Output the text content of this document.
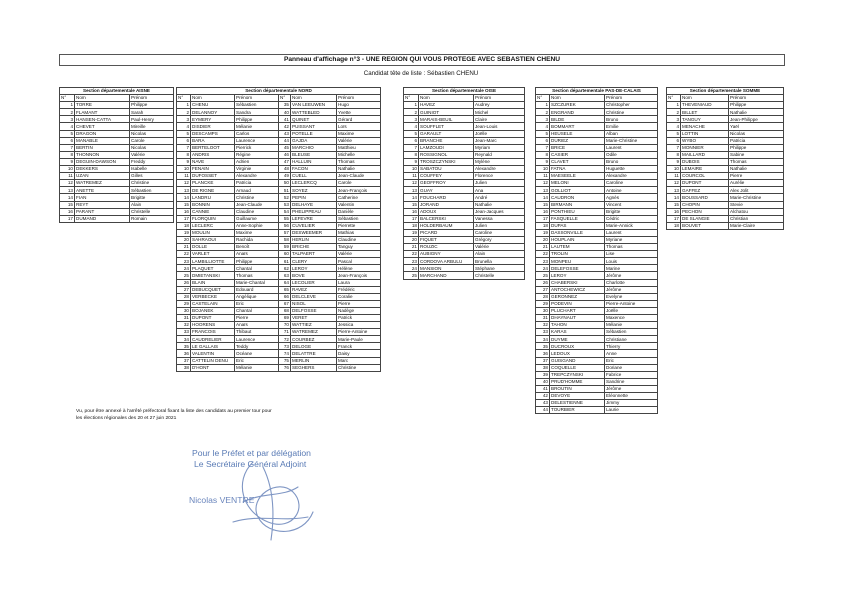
Panneau d'affichage n°3 - UNE REGION QUI VOUS PROTEGE AVEC SEBASTIEN CHENU
Candidat tête de liste : Sébastien CHENU
Section départementale AISNE		
N°	Nom	Prénom
1	TORRE	Philippe
2	FLAMANT	Sarah
3	HANSEN-CATTA	Paul-Henry
4	CHEVET	Mireille
5	DRAGON	Nicolas
6	MANABLE	Carole
7	BERTIN	Nicolas
8	THONNON	Valérie
9	DEGUIN-DAWSON	Freddy
10	DEKKERS	Isabelle
11	UZAN	Gilles
12	WATREMEZ	Christine
13	ANETTE	Sébastien
14	FIAN	Brigitte
15	REYT	Alain
16	PARANT	Christelle
17	DUMAND	Romain
Section départementale NORD					
N°	Nom	Prénom	N°	Nom	Prénom
1	CHENU	Sébastien	35	VAN LEEUWEN	Hugo
2	DELANNOY	Sandra	40	WATTEBLED	Yvette
3	EYMERY	Philippe	41	QUINET	Gérard
4	DISDIER	Mélanie	42	PUISSANT	Loïs
5	DESCAMPS	Carlos	43	POTELLE	Maxime
6	BARA	Laurence	44	GAJDA	Valérie
7	BERTELOOT	Pierrick	45	MARCHIO	Matthieu
8	ANDRIS	Régine	46	BLEUSE	Michelle
9	NAVE	Adrien	47	HALLUIN	Thomas
10	FENAIN	Virginie	48	FACON	Nathalie
11	DUFOSSET	Alexandre	49	CUELL	Jean-Claude
12	PLANCKE	Patricia	50	LECLERCQ	Carole
13	DE RIGNE	Arnaud	51	SOYEZ	Jean-François
14	LANDRU	Christine	52	PEPIN	Catherine
15	BONNIN	Jean-Claude	53	DELHAYE	Valentin
16	CANNIE	Claudine	54	PHELIPPEAU	Danièle
17	FLORQUIN	Guillaume	55	LEFEVRE	Sébastien
18	LECLERC	Anne-Sophie	56	CUVELIER	Pierrette
19	MOULIN	Maxime	57	DESWEEMER	Mathias
20	SAHRAOUI	Rachida	58	HERLIN	Claudine
21	DOLLE	Benoît	59	BRICHE	Tanguy
22	VARLET	Anaïs	60	TALPAERT	Valérie
23	LAMBILLIOTTE	Philippe	61	CLERY	Pascal
24	PLAQUET	Chantal	62	LEROY	Hélène
25	DMIETANSKI	Thomas	63	BOVE	Jean-François
26	BLAIN	Marie-Chantal	64	LECOLIER	Laura
27	DEBUCQUET	Edouard	65	RAVEZ	Frédéric
28	VERBECKE	Angélique	66	DELCLEVE	Coralie
29	CASTELAIN	Eric	67	NISOL	Pierre
30	BOJANEK	Chantal	68	DELFOSSE	Nadège
31	DUPONT	Pierre	69	VERET	Patrick
32	HOORENS	Anaïs	70	WATTIEZ	Jessica
33	FRANCOIS	Thibaut	71	WATREMEZ	Pierre-Antoine
34	CAUDRELIER	Laurence	72	COURBEZ	Marie-Paule
35	LE GALLAIS	Teddy	73	DELOGE	Franck
36	VALENTIN	Océane	74	DELATTRE	Daisy
37	CATTELIN DENU	Eric	75	MERLIN	Marc
38	D'HONT	Mélanie	76	SEGHERS	Christine
Section départementale OISE		
N°	Nom	Prénom
1	HAVEZ	Audrey
2	GUINIOT	Michel
3	MARAIS-BEUIL	Claire
4	SOUFFLET	Jean-Louis
5	GARAULT	Joëlle
6	BRANCHE	Jean-Marc
7	LAMZOUDI	Myriam
8	ROSSIGNOL	Reynald
9	TROSZCZYNSKI	Mylène
10	SABATOU	Alexandre
11	COUFFEY	Florence
12	GEOFFROY	Julien
13	GUAY	Ana
14	FOUCHARD	André
15	JORAND	Nathalie
16	ADOUX	Jean-Jacques
17	BALCERSKI	Vanessa
18	HOLDERBAUM	Julien
19	PICARD	Caroline
20	FIQUET	Grégory
21	ROUZIC	Valérie
22	AUBIGNY	Alain
23	CORDOVA ARBULU	Brunella
24	MANSION	Stéphane
25	MARCHAND	Christelle
Section départementale PAS-DE-CALAIS		
N°	Nom	Prénom
1	SZCZUREK	Christopher
2	ENGRAND	Christine
3	BILDE	Bruno
4	BOMMART	Emilie
5	HEUSELE	Alban
6	DURIEZ	Marie-Christine
7	BRICE	Laurent
8	CASIER	Odile
9	CLAVET	Bruno
10	FATNA	Huguette
11	MAESEELE	Alexandre
12	MELONI	Caroline
13	GOLLIOT	Antoine
14	CAUDRON	Agnès
15	BIRMANN	Vincent
16	PONTHIEU	Brigitte
17	FASQUELLE	Cédric
18	DUPAS	Marie-Annick
19	DASSONVILLE	Laurent
20	HOUPLAIN	Myriane
21	LAUTEM	Thomas
22	TROLIN	Lise
23	MONPEU	Louis
24	DELEFOSSE	Marine
25	LEROY	Jérôme
26	CHABERSKI	Charlotte
27	ANTOCHEWICZ	Jérôme
28	GERONNEZ	Evelyne
29	PODEVIN	Pierre-Antoine
30	PLUCHART	Joëlle
31	DHAYNAUT	Maxence
32	TAHON	Mélanie
33	KARAS	Sébastien
34	DUYME	Christiane
35	DUCROUX	Thierry
36	LEDOUX	Anne
37	GUISGAND	Eric
38	COQUELLE	Doriane
39	TREPCZYNSKI	Fabrice
40	PRUD'HOMME	Sandrine
41	BROUTIN	Jérôme
42	DEVOYE	Eléonnette
43	DELESTIENNE	Jimmy
44	TOURBIER	Laurie
Section départementale SOMME		
N°	Nom	Prénom
1	THEVENIAUD	Philippe
2	BILLET	Nathalie
3	TANGUY	Jean-Philippe
4	MENACHE	Yaël
5	LOTTIN	Nicolas
6	WYBO	Patricia
7	MONNIER	Philippe
8	MAILLARD	Sabine
9	DUBOIS	Thomas
10	LEMAIRE	Nathalie
11	COURCOL	Pierre
12	DUPONT	Aurélie
13	GAFFEZ	Alex Jolit
14	BOUSSARD	Marie-Christine
15	CHOPIN	Stevie
16	PECHON	Alchatou
17	DE SLANGIE	Christian
18	BOUVET	Marie-Claire
Vu, pour être annexé à l'arrêté préfectoral fixant la liste des candidats au premier tour pour les élections régionales des 20 et 27 juin 2021
Pour le Préfet et par délégation
Le Secrétaire Général Adjoint
Nicolas VENTRE
